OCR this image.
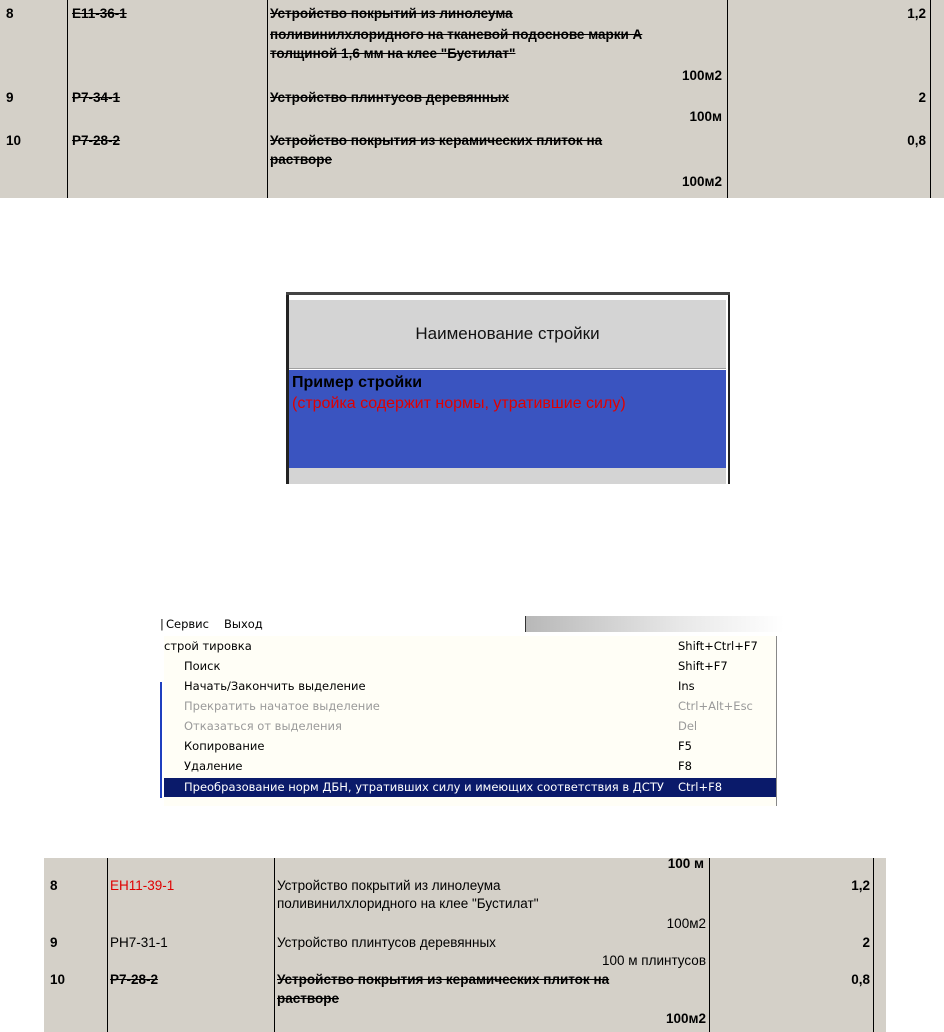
8	Е11-36-1	Устройство покрытий из линолеума
поливинилхлоридного на тканевой подоснове марки А
толщиной 1,6 мм на клее "Бустилат"
100м2
1,2
9	Р7-34-1	Устройство плинтусов деревянных
100м
2
10	Р7-28-2	Устройство покрытия из керамических плиток на
растворе
100м2
0,8
Наименование стройки
Пример стройки
(стройка содержит нормы, утратившие силу)
| Сервис Выход
строй тировка	Shift+Ctrl+F7
Поиск	Shift+F7
Начать/Закончить выделение	Ins
Прекратить начатое выделение	Ctrl+Alt+Esc
Отказаться от выделения	Del
Копирование	F5
Удаление	F8
Преобразование норм ДБН, утративших силу и имеющих соответствия в ДСТУ Ctrl+F8
100 м
8	ЕН11-39-1	Устройство покрытий из линолеума
поливинилхлоридного на клее "Бустилат"
100м2
1,2
9	РН7-31-1	Устройство плинтусов деревянных
100 м плинтусов
2
10	Р7-28-2	Устройство покрытия из керамических плиток на
растворе
100м2
0,8
